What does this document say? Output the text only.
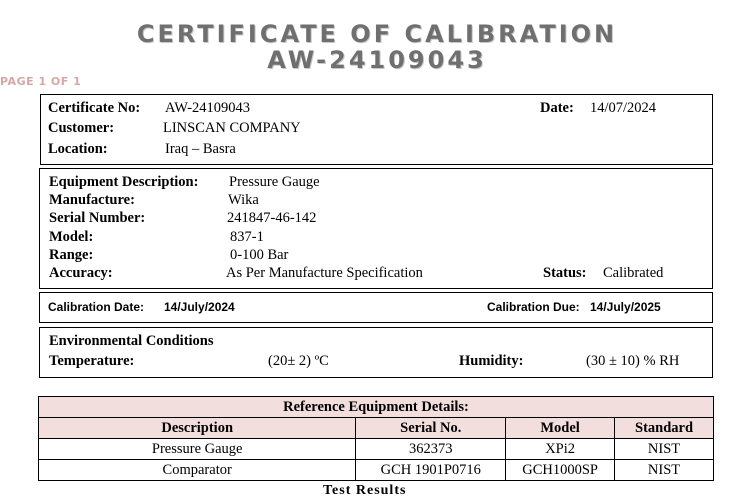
CERTIFICATE OF CALIBRATION
AW-24109043
PAGE 1 OF 1
Certificate No: AW-24109043	Date: 14/07/2024
Customer:	LINSCAN COMPANY
Location:	Iraq – Basra
Equipment Description: Pressure Gauge
Manufacture:	Wika
Serial Number:	241847-46-142
Model:	837-1
Range:	0-100 Bar
Accuracy:	As Per Manufacture Specification	Status: Calibrated
Calibration Date: 14/July/2024	Calibration Due: 14/July/2025
Environmental Conditions
Temperature:	(20± 2) ºC	Humidity:	(30 ± 10) % RH
Reference Equipment Details:			
Description	Serial No.	Model	Standard
Pressure Gauge	362373	XPi2	NIST
Comparator	GCH 1901P0716	GCH1000SP	NIST
Test Results
